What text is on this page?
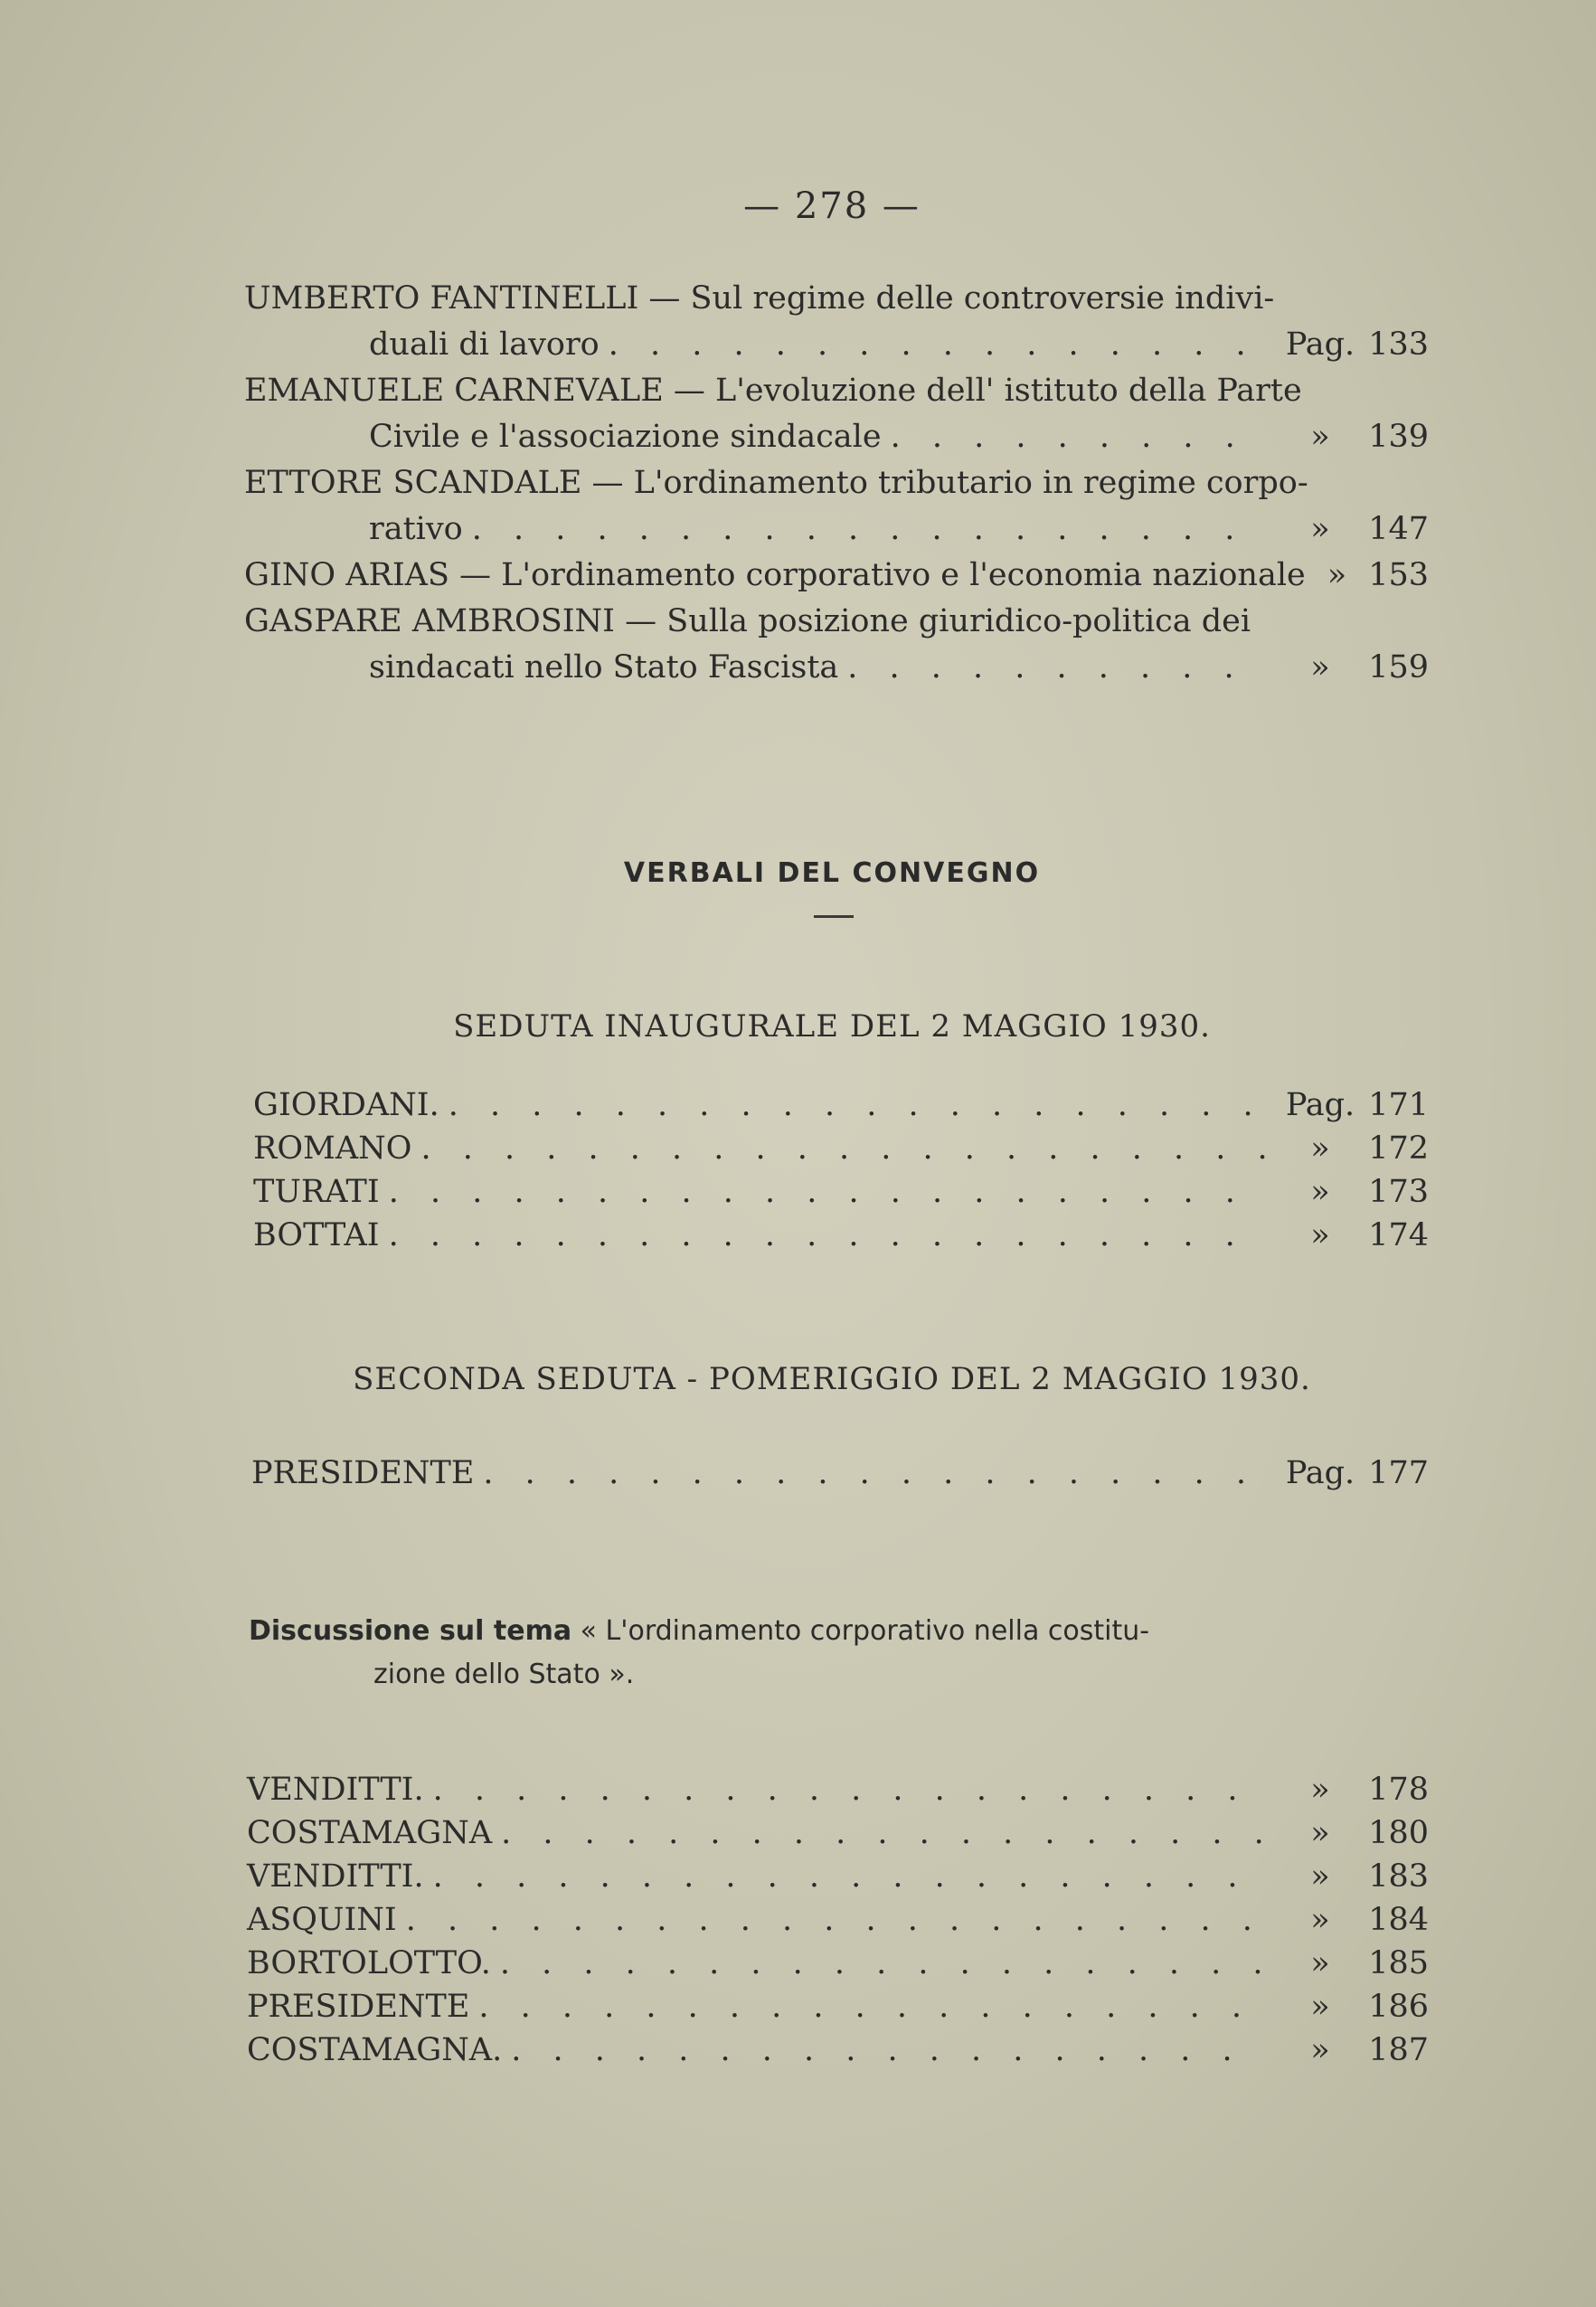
— 278 —
UMBERTO FANTINELLI — Sul regime delle controversie indivi-
duali di lavoro . . .	Pag. 133
EMANUELE CARNEVALE — L'evoluzione dell' istituto della Parte
Civile e l'associazione sindacale . . .	»	139
ETTORE SCANDALE — L'ordinamento tributario in regime corpo-
rativo . . .	»	147
GINO ARIAS — L'ordinamento corporativo e l'economia nazionale » 153
GASPARE AMBROSINI — Sulla posizione giuridico-politica dei
sindacati nello Stato Fascista . . .	»	159
VERBALI DEL CONVEGNO
SEDUTA INAUGURALE DEL 2 MAGGIO 1930.
GIORDANI. . . .	Pag. 171
ROMANO . . .	»	172
TURATI . . .	»	173
BOTTAI . . .	»	174
SECONDA SEDUTA - POMERIGGIO DEL 2 MAGGIO 1930.
PRESIDENTE . . .	Pag. 177
Discussione sul tema « L'ordinamento corporativo nella costitu-
zione dello Stato ».
VENDITTI. . . .	»	178
COSTAMAGNA . . .	»	180
VENDITTI. . . .	»	183
ASQUINI . . .	»	184
BORTOLOTTO. . . .	»	185
PRESIDENTE . . .	»	186
COSTAMAGNA. . . .	»	187
